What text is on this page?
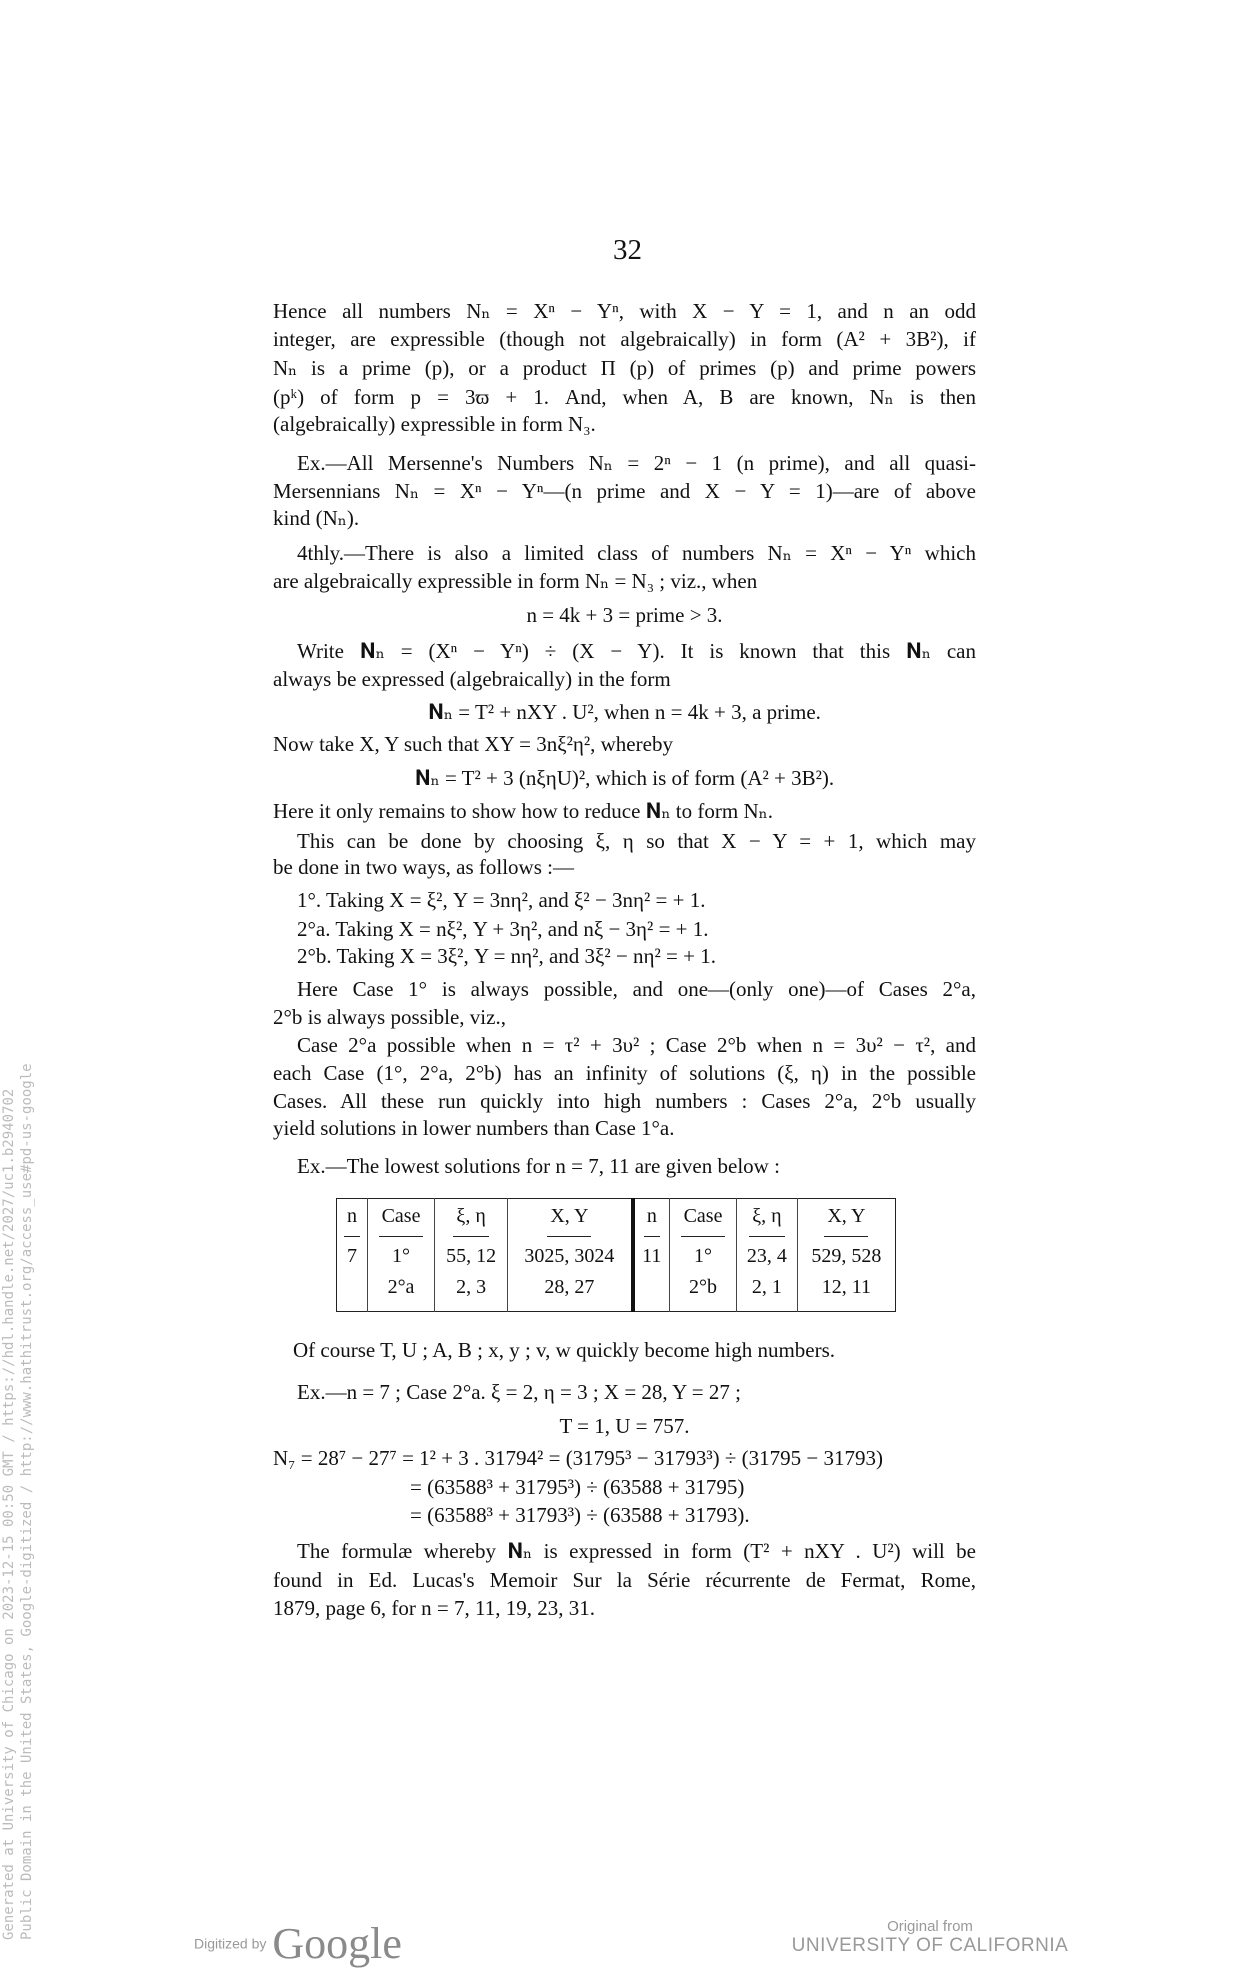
32
Hence all numbers Nₙ = Xⁿ − Yⁿ, with X − Y = 1, and n an odd
integer, are expressible (though not algebraically) in form (A² + 3B²), if
Nₙ is a prime (p), or a product Π (p) of primes (p) and prime powers
(pᵏ) of form p = 3ϖ + 1. And, when A, B are known, Nₙ is then
(algebraically) expressible in form N₃.
Ex.—All Mersenne's Numbers Nₙ = 2ⁿ − 1 (n prime), and all quasi-
Mersennians Nₙ = Xⁿ − Yⁿ—(n prime and X − Y = 1)—are of above
kind (Nₙ).
4thly.—There is also a limited class of numbers Nₙ = Xⁿ − Yⁿ which
are algebraically expressible in form Nₙ = N₃ ; viz., when
n = 4k + 3 = prime > 3.
Write 𝐍ₙ = (Xⁿ − Yⁿ) ÷ (X − Y). It is known that this 𝐍ₙ can
always be expressed (algebraically) in the form
𝐍ₙ = T² + nXY . U², when n = 4k + 3, a prime.
Now take X, Y such that XY = 3nξ²η², whereby
𝐍ₙ = T² + 3 (nξηU)², which is of form (A² + 3B²).
Here it only remains to show how to reduce 𝐍ₙ to form Nₙ.
This can be done by choosing ξ, η so that X − Y = + 1, which may
be done in two ways, as follows :—
1°. Taking X = ξ², Y = 3nη², and ξ² − 3nη² = + 1.
2°a. Taking X = nξ², Y + 3η², and nξ − 3η² = + 1.
2°b. Taking X = 3ξ², Y = nη², and 3ξ² − nη² = + 1.
Here Case 1° is always possible, and one—(only one)—of Cases 2°a,
2°b is always possible, viz.,
Case 2°a possible when n = τ² + 3υ² ; Case 2°b when n = 3υ² − τ², and
each Case (1°, 2°a, 2°b) has an infinity of solutions (ξ, η) in the possible
Cases. All these run quickly into high numbers : Cases 2°a, 2°b usually
yield solutions in lower numbers than Case 1°a.
Ex.—The lowest solutions for n = 7, 11 are given below :
n	Case	ξ, η	X, Y	n	Case	ξ, η	X, Y
7	1°	55, 12	3025, 3024	11	1°	23, 4	529, 528
	2°a	2, 3	28, 27		2°b	2, 1	12, 11
Of course T, U ; A, B ; x, y ; v, w quickly become high numbers.
Ex.—n = 7 ; Case 2°a. ξ = 2, η = 3 ; X = 28, Y = 27 ;
T = 1, U = 757.
N₇ = 28⁷ − 27⁷ = 1² + 3 . 31794² = (31795³ − 31793³) ÷ (31795 − 31793)
= (63588³ + 31795³) ÷ (63588 + 31795)
= (63588³ + 31793³) ÷ (63588 + 31793).
The formulæ whereby 𝐍ₙ is expressed in form (T² + nXY . U²) will be
found in Ed. Lucas's Memoir Sur la Série récurrente de Fermat, Rome,
1879, page 6, for n = 7, 11, 19, 23, 31.
Generated at University of Chicago on 2023-12-15 00:50 GMT / https://hdl.handle.net/2027/uc1.b2940702 Public Domain in the United States, Google-digitized / http://www.hathitrust.org/access_use#pd-us-google
Digitized by Google	Original from
UNIVERSITY OF CALIFORNIA
